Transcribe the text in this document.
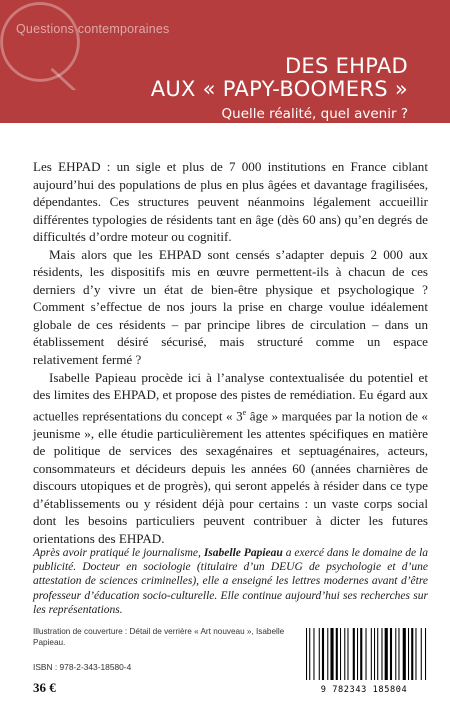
Questions contemporaines
DES EHPAD
AUX « PAPY-BOOMERS »
Quelle réalité, quel avenir ?

Les EHPAD : un sigle et plus de 7 000 institutions en France ciblant aujourd’hui des populations de plus en plus âgées et davantage fragilisées, dépendantes. Ces structures peuvent néanmoins légalement accueillir différentes typologies de résidents tant en âge (dès 60 ans) qu’en degrés de difficultés d’ordre moteur ou cognitif.

Mais alors que les EHPAD sont censés s’adapter depuis 2 000 aux résidents, les dispositifs mis en œuvre permettent-ils à chacun de ces derniers d’y vivre un état de bien-être physique et psychologique ? Comment s’effectue de nos jours la prise en charge voulue idéalement globale de ces résidents – par principe libres de circulation – dans un établissement désiré sécurisé, mais structuré comme un espace relativement fermé ?

Isabelle Papieau procède ici à l’analyse contextualisée du potentiel et des limites des EHPAD, et propose des pistes de remédiation. Eu égard aux actuelles représentations du concept « 3e âge » marquées par la notion de « jeunisme », elle étudie particulièrement les attentes spécifiques en matière de politique de services des sexagénaires et septuagénaires, acteurs, consommateurs et décideurs depuis les années 60 (années charnières de discours utopiques et de progrès), qui seront appelés à résider dans ce type d’établissements ou y résident déjà pour certains : un vaste corps social dont les besoins particuliers peuvent contribuer à dicter les futures orientations des EHPAD.

Après avoir pratiqué le journalisme, Isabelle Papieau a exercé dans le domaine de la publicité. Docteur en sociologie (titulaire d’un DEUG de psychologie et d’une attestation de sciences criminelles), elle a enseigné les lettres modernes avant d’être professeur d’éducation socio-culturelle. Elle continue aujourd’hui ses recherches sur les représentations.
Illustration de couverture : Détail de verrière « Art nouveau », Isabelle Papieau.
ISBN : 978-2-343-18580-4
36 €	9 782343 185804
